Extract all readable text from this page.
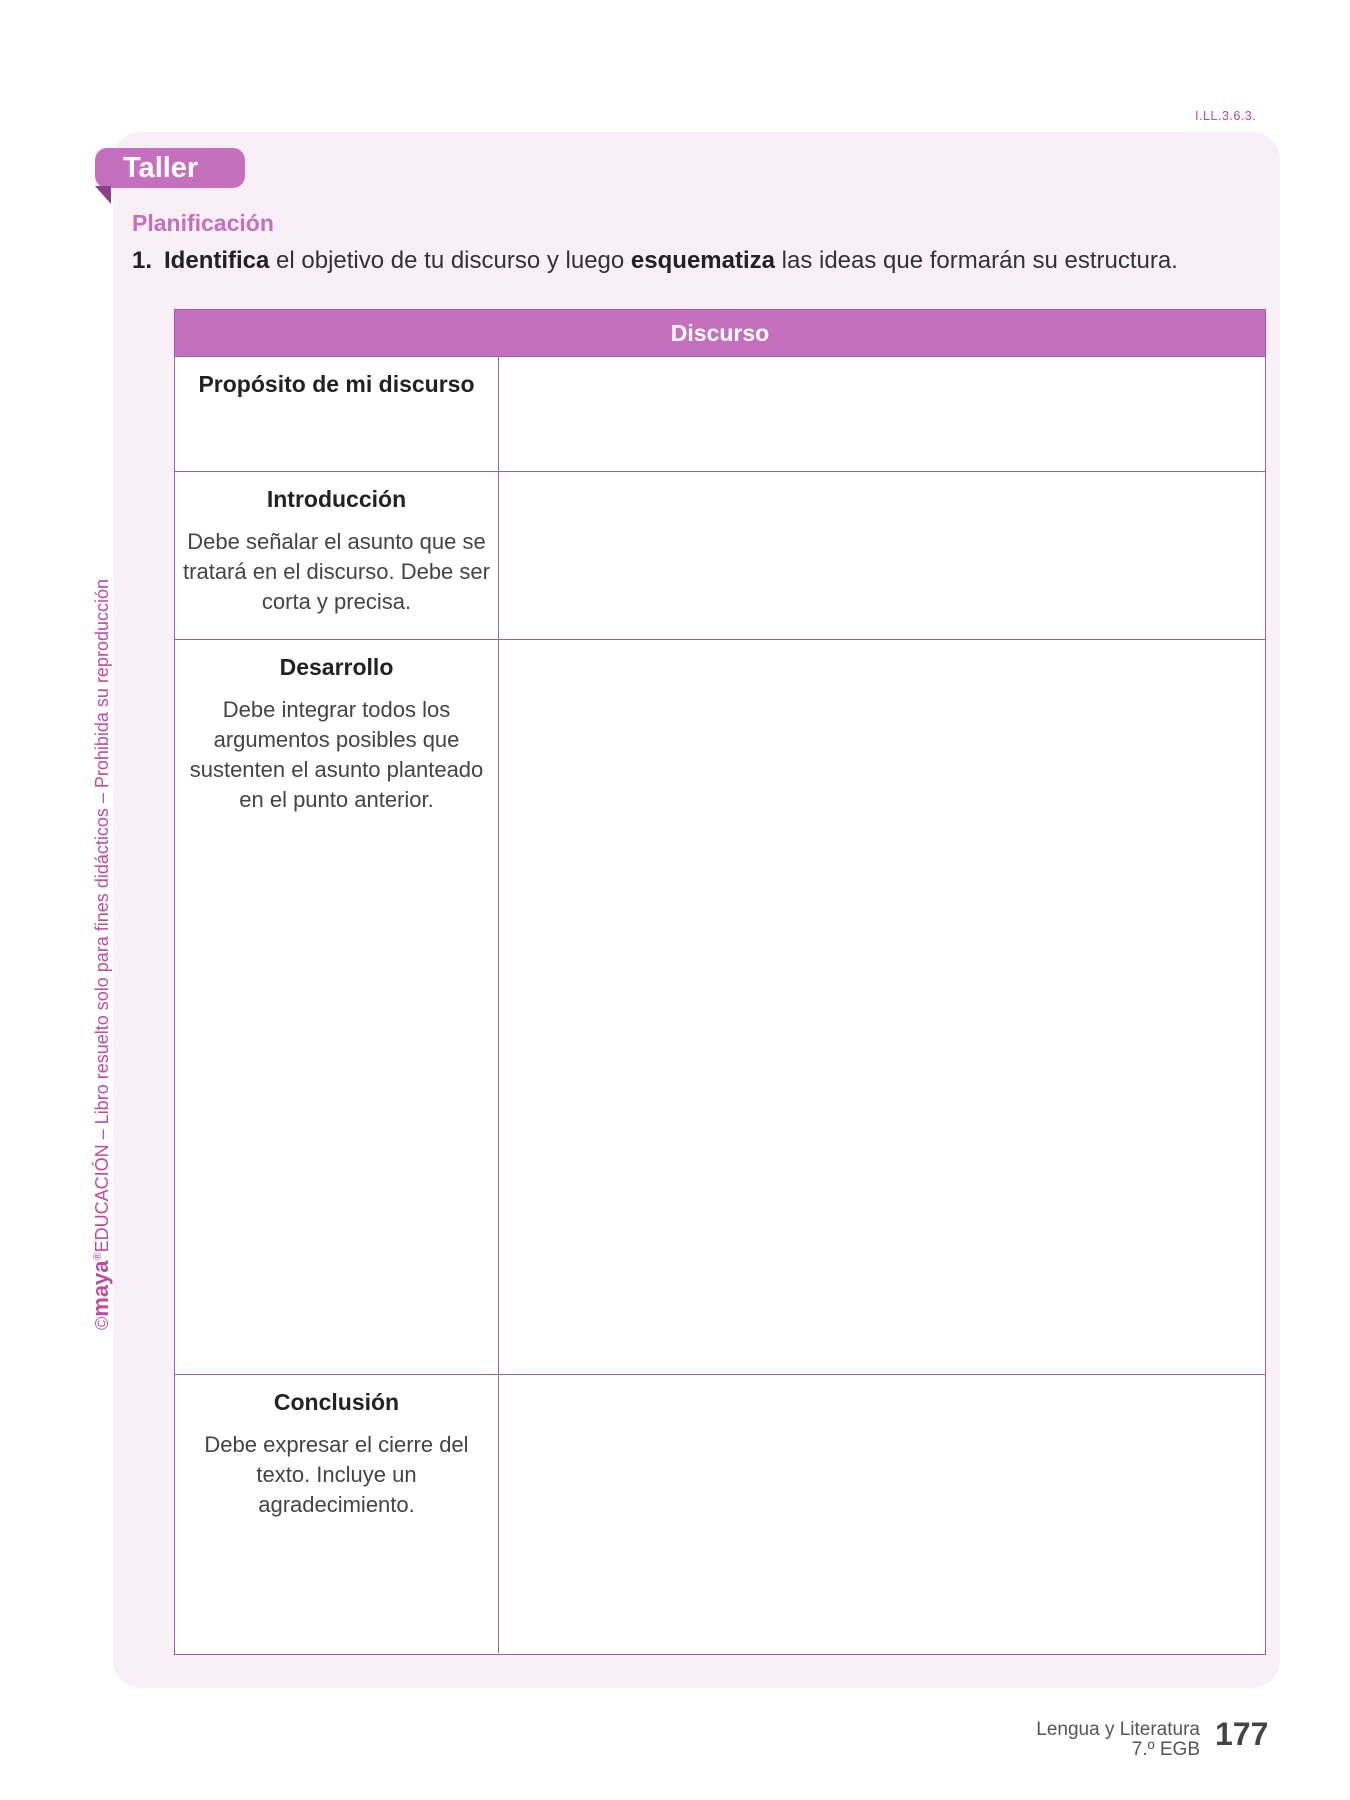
I.LL.3.6.3.
Taller
Planificación
1. Identifica el objetivo de tu discurso y luego esquematiza las ideas que formarán su estructura.
Discurso
Propósito de mi discurso
Introducción
Debe señalar el asunto que se tratará en el discurso. Debe ser corta y precisa.
Desarrollo
Debe integrar todos los argumentos posibles que sustenten el asunto planteado en el punto anterior.
Conclusión
Debe expresar el cierre del texto. Incluye un agradecimiento.
©maya®EDUCACIÓN – Libro resuelto solo para fines didácticos – Prohibida su reproducción
Lengua y Literatura
7.º EGB 177
